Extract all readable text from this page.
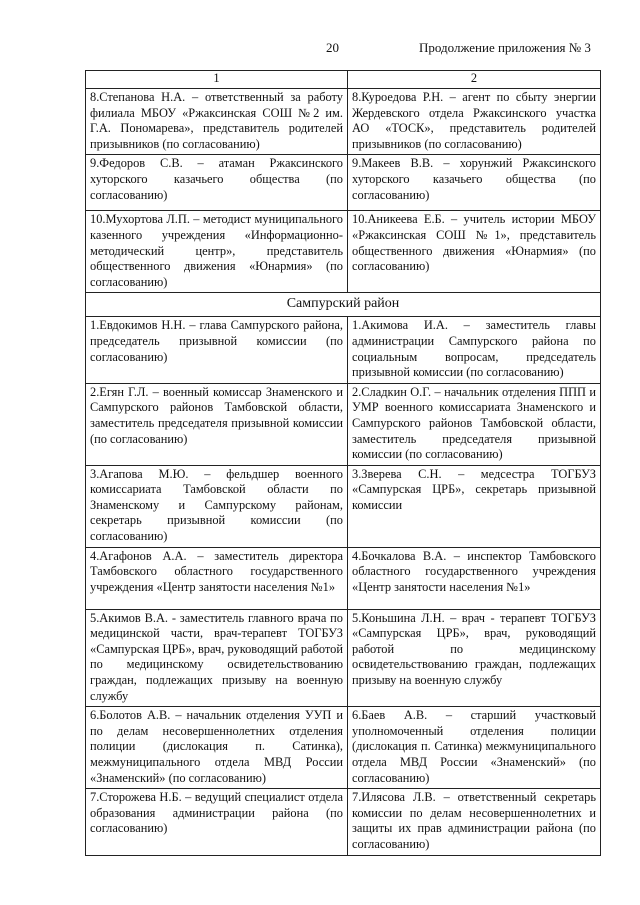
20	Продолжение приложения № 3
1	2
8.Степанова Н.А. – ответственный за работу филиала МБОУ «Ржаксинская СОШ №2 им. Г.А. Пономарева», представитель родителей призывников (по согласованию)	8.Куроедова Р.Н. – агент по сбыту энергии Жердевского отдела Ржаксинского участка АО «ТОСК», представитель родителей призывников (по согласованию)
9.Федоров С.В. – атаман Ржаксинского хуторского казачьего общества (по согласованию)	9.Макеев В.В. – хорунжий Ржаксинского хуторского казачьего общества (по согласованию)
10.Мухортова Л.П. – методист муниципального казенного учреждения «Информационно-методический центр», представитель общественного движения «Юнармия» (по согласованию)	10.Аникеева Е.Б. – учитель истории МБОУ «Ржаксинская СОШ №1», представитель общественного движения «Юнармия» (по согласованию)
Сампурский район	
1.Евдокимов Н.Н. – глава Сампурского района, председатель призывной комиссии (по согласованию)	1.Акимова И.А. – заместитель главы администрации Сампурского района по социальным вопросам, председатель призывной комиссии (по согласованию)
2.Егян Г.Л. – военный комиссар Знаменского и Сампурского районов Тамбовской области, заместитель председателя призывной комиссии (по согласованию)	2.Сладкин О.Г. – начальник отделения ППП и УМР военного комиссариата Знаменского и Сампурского районов Тамбовской области, заместитель председателя призывной комиссии (по согласованию)
3.Агапова М.Ю. – фельдшер военного комиссариата Тамбовской области по Знаменскому и Сампурскому районам, секретарь призывной комиссии (по согласованию)	3.Зверева С.Н. – медсестра ТОГБУЗ «Сампурская ЦРБ», секретарь призывной комиссии
4.Агафонов А.А. – заместитель директора Тамбовского областного государственного учреждения «Центр занятости населения №1»	4.Бочкалова В.А. – инспектор Тамбовского областного государственного учреждения «Центр занятости населения №1»
5.Акимов В.А. - заместитель главного врача по медицинской части, врач-терапевт ТОГБУЗ «Сампурская ЦРБ», врач, руководящий работой по медицинскому освидетельствованию граждан, подлежащих призыву на военную службу	5.Коньшина Л.Н. – врач - терапевт ТОГБУЗ «Сампурская ЦРБ», врач, руководящий работой по медицинскому освидетельствованию граждан, подлежащих призыву на военную службу
6.Болотов А.В. – начальник отделения УУП и по делам несовершеннолетних отделения полиции (дислокация п. Сатинка), межмуниципального отдела МВД России «Знаменский» (по согласованию)	6.Баев А.В. – старший участковый уполномоченный отделения полиции (дислокация п. Сатинка) межмуниципального отдела МВД России «Знаменский» (по согласованию)
7.Сторожева Н.Б. – ведущий специалист отдела образования администрации района (по согласованию)	7.Илясова Л.В. – ответственный секретарь комиссии по делам несовершеннолетних и защиты их прав администрации района (по согласованию)
